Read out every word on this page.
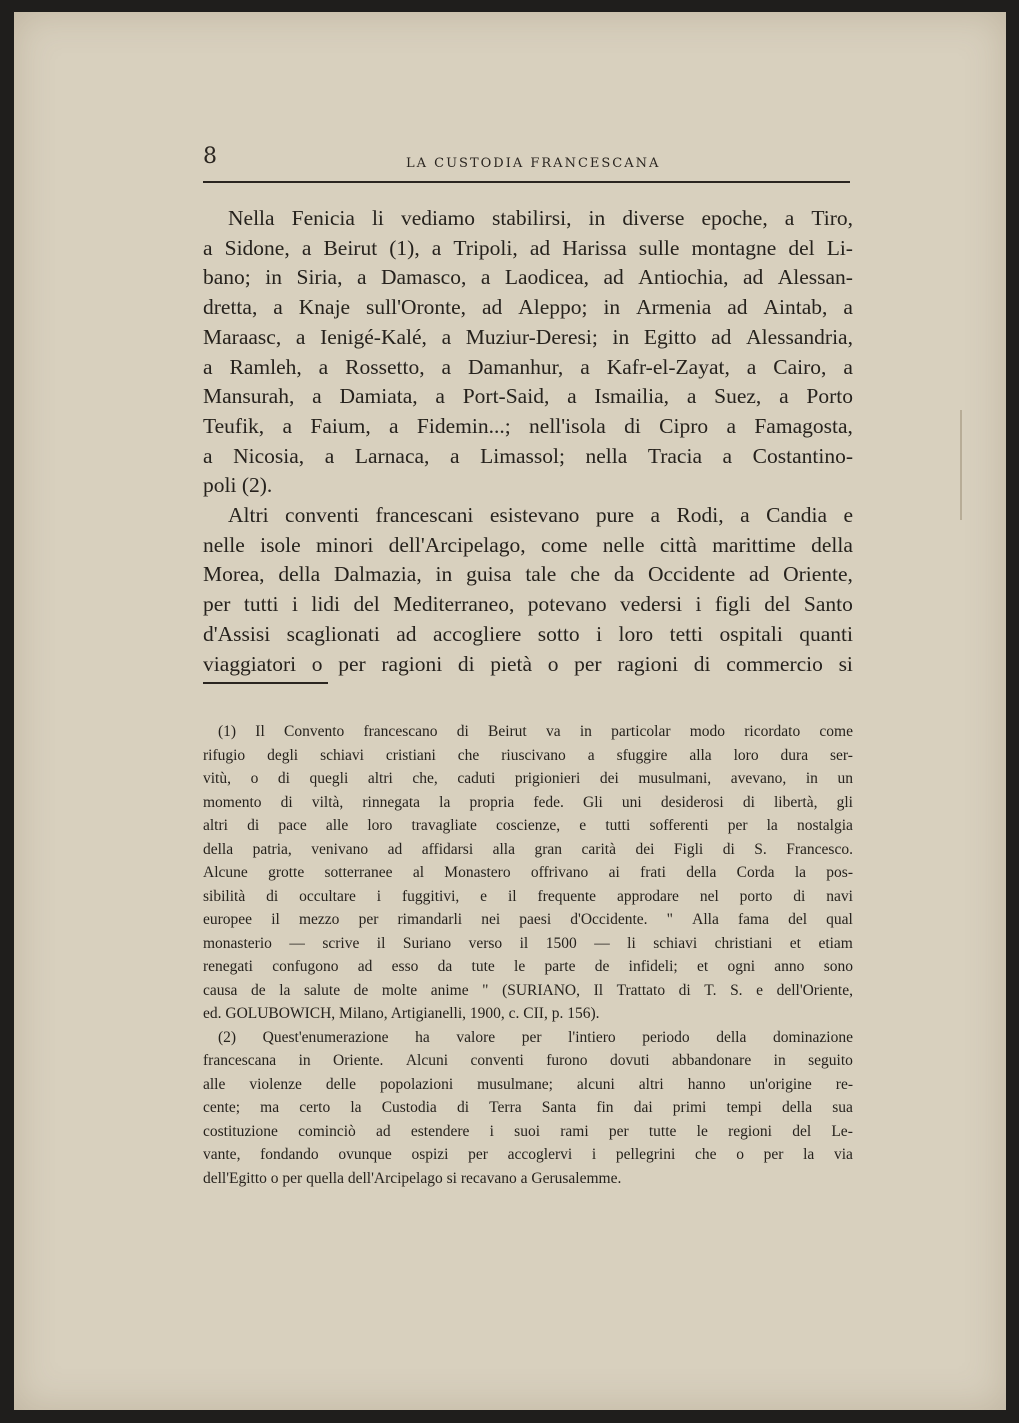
8	LA CUSTODIA FRANCESCANA
Nella Fenicia li vediamo stabilirsi, in diverse epoche, a Tiro,
a Sidone, a Beirut (1), a Tripoli, ad Harissa sulle montagne del Li-
bano; in Siria, a Damasco, a Laodicea, ad Antiochia, ad Alessan-
dretta, a Knaje sull'Oronte, ad Aleppo; in Armenia ad Aintab, a
Maraasc, a Ienigé-Kalé, a Muziur-Deresi; in Egitto ad Alessandria,
a Ramleh, a Rossetto, a Damanhur, a Kafr-el-Zayat, a Cairo, a
Mansurah, a Damiata, a Port-Said, a Ismailia, a Suez, a Porto
Teufik, a Faium, a Fidemin...; nell'isola di Cipro a Famagosta,
a Nicosia, a Larnaca, a Limassol; nella Tracia a Costantino-
poli (2).
Altri conventi francescani esistevano pure a Rodi, a Candia e
nelle isole minori dell'Arcipelago, come nelle città marittime della
Morea, della Dalmazia, in guisa tale che da Occidente ad Oriente,
per tutti i lidi del Mediterraneo, potevano vedersi i figli del Santo
d'Assisi scaglionati ad accogliere sotto i loro tetti ospitali quanti
viaggiatori o per ragioni di pietà o per ragioni di commercio si
(1) Il Convento francescano di Beirut va in particolar modo ricordato come
rifugio degli schiavi cristiani che riuscivano a sfuggire alla loro dura ser-
vitù, o di quegli altri che, caduti prigionieri dei musulmani, avevano, in un
momento di viltà, rinnegata la propria fede. Gli uni desiderosi di libertà, gli
altri di pace alle loro travagliate coscienze, e tutti sofferenti per la nostalgia
della patria, venivano ad affidarsi alla gran carità dei Figli di S. Francesco.
Alcune grotte sotterranee al Monastero offrivano ai frati della Corda la pos-
sibilità di occultare i fuggitivi, e il frequente approdare nel porto di navi
europee il mezzo per rimandarli nei paesi d'Occidente. " Alla fama del qual
monasterio — scrive il Suriano verso il 1500 — li schiavi christiani et etiam
renegati confugono ad esso da tute le parte de infideli; et ogni anno sono
causa de la salute de molte anime " (SURIANO, Il Trattato di T. S. e dell'Oriente,
ed. GOLUBOWICH, Milano, Artigianelli, 1900, c. CII, p. 156).
(2) Quest'enumerazione ha valore per l'intiero periodo della dominazione
francescana in Oriente. Alcuni conventi furono dovuti abbandonare in seguito
alle violenze delle popolazioni musulmane; alcuni altri hanno un'origine re-
cente; ma certo la Custodia di Terra Santa fin dai primi tempi della sua
costituzione cominciò ad estendere i suoi rami per tutte le regioni del Le-
vante, fondando ovunque ospizi per accoglervi i pellegrini che o per la via
dell'Egitto o per quella dell'Arcipelago si recavano a Gerusalemme.
